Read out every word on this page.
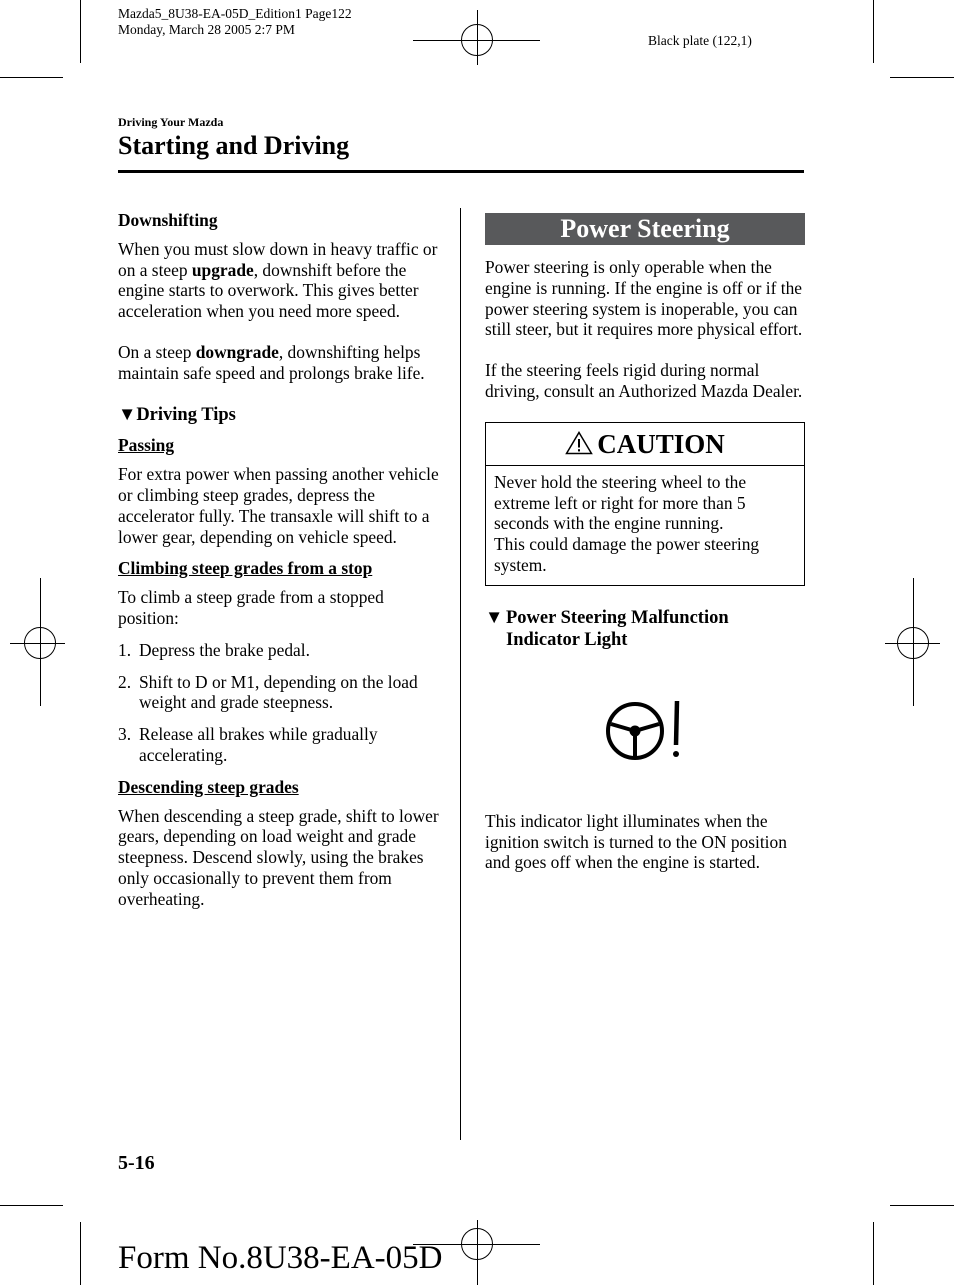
Mazda5_8U38-EA-05D_Edition1 Page122
Monday, March 28 2005 2:7 PM
Black plate (122,1)
Driving Your Mazda
Starting and Driving

Downshifting

When you must slow down in heavy traffic or on a steep upgrade, downshift before the engine starts to overwork. This gives better acceleration when you need more speed.

On a steep downgrade, downshifting helps maintain safe speed and prolongs brake life.

▼Driving Tips

Passing

For extra power when passing another vehicle or climbing steep grades, depress the accelerator fully. The transaxle will shift to a lower gear, depending on vehicle speed.

Climbing steep grades from a stop

To climb a steep grade from a stopped position:

1. Depress the brake pedal.
2. Shift to D or M1, depending on the load weight and grade steepness.
3. Release all brakes while gradually accelerating.

Descending steep grades

When descending a steep grade, shift to lower gears, depending on load weight and grade steepness. Descend slowly, using the brakes only occasionally to prevent them from overheating.

Power Steering

Power steering is only operable when the engine is running. If the engine is off or if the power steering system is inoperable, you can still steer, but it requires more physical effort.

If the steering feels rigid during normal driving, consult an Authorized Mazda Dealer.

CAUTION
Never hold the steering wheel to the extreme left or right for more than 5 seconds with the engine running.
This could damage the power steering system.

▼ Power Steering Malfunction
Indicator Light

This indicator light illuminates when the ignition switch is turned to the ON position and goes off when the engine is started.

5-16
Form No.8U38-EA-05D
